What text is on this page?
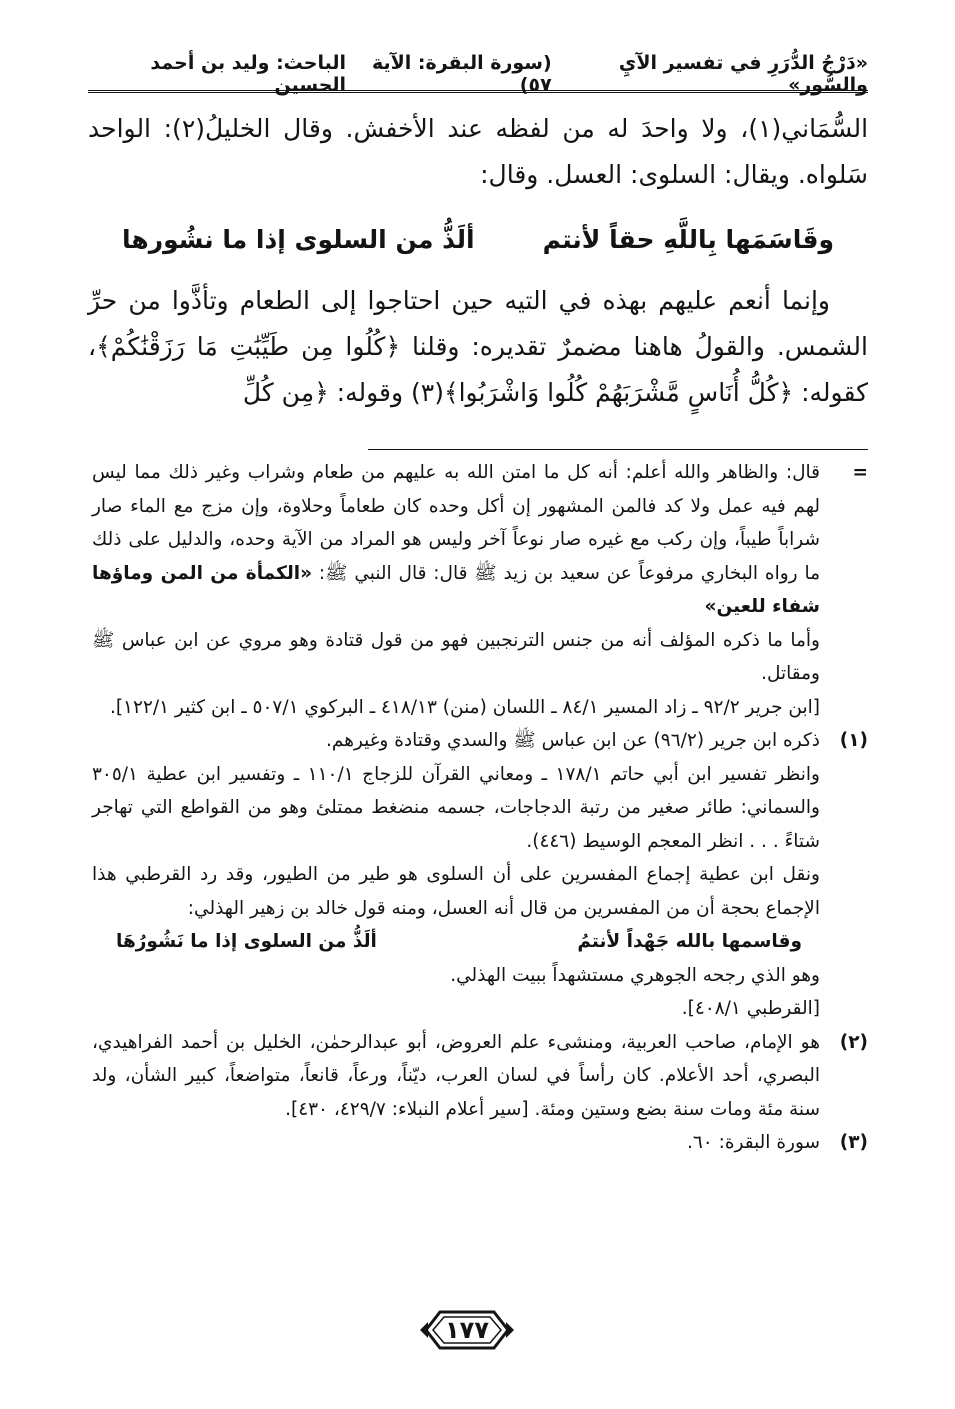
«دَرْجُ الدُّرَرِ في تفسير الآيِ والسُّور»
(سورة البقرة: الآية ٥٧)
الباحث: وليد بن أحمد الحسين

السُّمَاني(١)، ولا واحدَ له من لفظه عند الأخفش. وقال الخليلُ(٢): الواحد سَلواه. ويقال: السلوى: العسل. وقال:

وقَاسَمَها بِاللَّهِ حقاً لأنتم
ألَذُّ من السلوى إذا ما نشُورها

وإنما أنعم عليهم بهذه في التيه حين احتاجوا إلى الطعام وتأذَّوا من حرِّ الشمس. والقولُ هاهنا مضمرٌ تقديره: وقلنا ﴿كُلُوا مِن طَيِّبَٰتِ مَا رَزَقْنَٰكُمْ﴾، كقوله: ﴿كُلُّ أُنَاسٍ مَّشْرَبَهُمْ كُلُوا وَاشْرَبُوا﴾(٣) وقوله: ﴿مِن كُلِّ

=

قال: والظاهر والله أعلم: أنه كل ما امتن الله به عليهم من طعام وشراب وغير ذلك مما ليس لهم فيه عمل ولا كد فالمن المشهور إن أكل وحده كان طعاماً وحلاوة، وإن مزج مع الماء صار شراباً طيباً، وإن ركب مع غيره صار نوعاً آخر وليس هو المراد من الآية وحده، والدليل على ذلك ما رواه البخاري مرفوعاً عن سعيد بن زيد ﷺ قال: قال النبي ﷺ: «الكمأة من المن وماؤها شفاء للعين»

وأما ما ذكره المؤلف أنه من جنس الترنجبين فهو من قول قتادة وهو مروي عن ابن عباس ﷺ ومقاتل.

[ابن جرير ٩٢/٢ ـ زاد المسير ٨٤/١ ـ اللسان (منن) ٤١٨/١٣ ـ البركوي ٥٠٧/١ ـ ابن كثير ١٢٢/١].

(١)

ذكره ابن جرير (٩٦/٢) عن ابن عباس ﷺ والسدي وقتادة وغيرهم.

وانظر تفسير ابن أبي حاتم ١٧٨/١ ـ ومعاني القرآن للزجاج ١١٠/١ ـ وتفسير ابن عطية ٣٠٥/١ والسماني: طائر صغير من رتبة الدجاجات، جسمه منضغط ممتلئ وهو من القواطع التي تهاجر شتاءً . . . انظر المعجم الوسيط (٤٤٦).

ونقل ابن عطية إجماع المفسرين على أن السلوى هو طير من الطيور، وقد رد القرطبي هذا الإجماع بحجة أن من المفسرين من قال أنه العسل، ومنه قول خالد بن زهير الهذلي:

وقاسمها بالله جَهْداً لأنتمُ
ألَذُّ من السلوى إذا ما نَشُورُهَا

وهو الذي رجحه الجوهري مستشهداً ببيت الهذلي.

[القرطبي ٤٠٨/١].

(٢)

هو الإمام، صاحب العربية، ومنشىء علم العروض، أبو عبدالرحمٰن، الخليل بن أحمد الفراهيدي، البصري، أحد الأعلام. كان رأساً في لسان العرب، ديّناً، ورعاً، قانعاً، متواضعاً، كبير الشأن، ولد سنة مئة ومات سنة بضع وستين ومئة. [سير أعلام النبلاء: ٤٢٩/٧، ٤٣٠].

(٣)

سورة البقرة: ٦٠.

١٧٧
